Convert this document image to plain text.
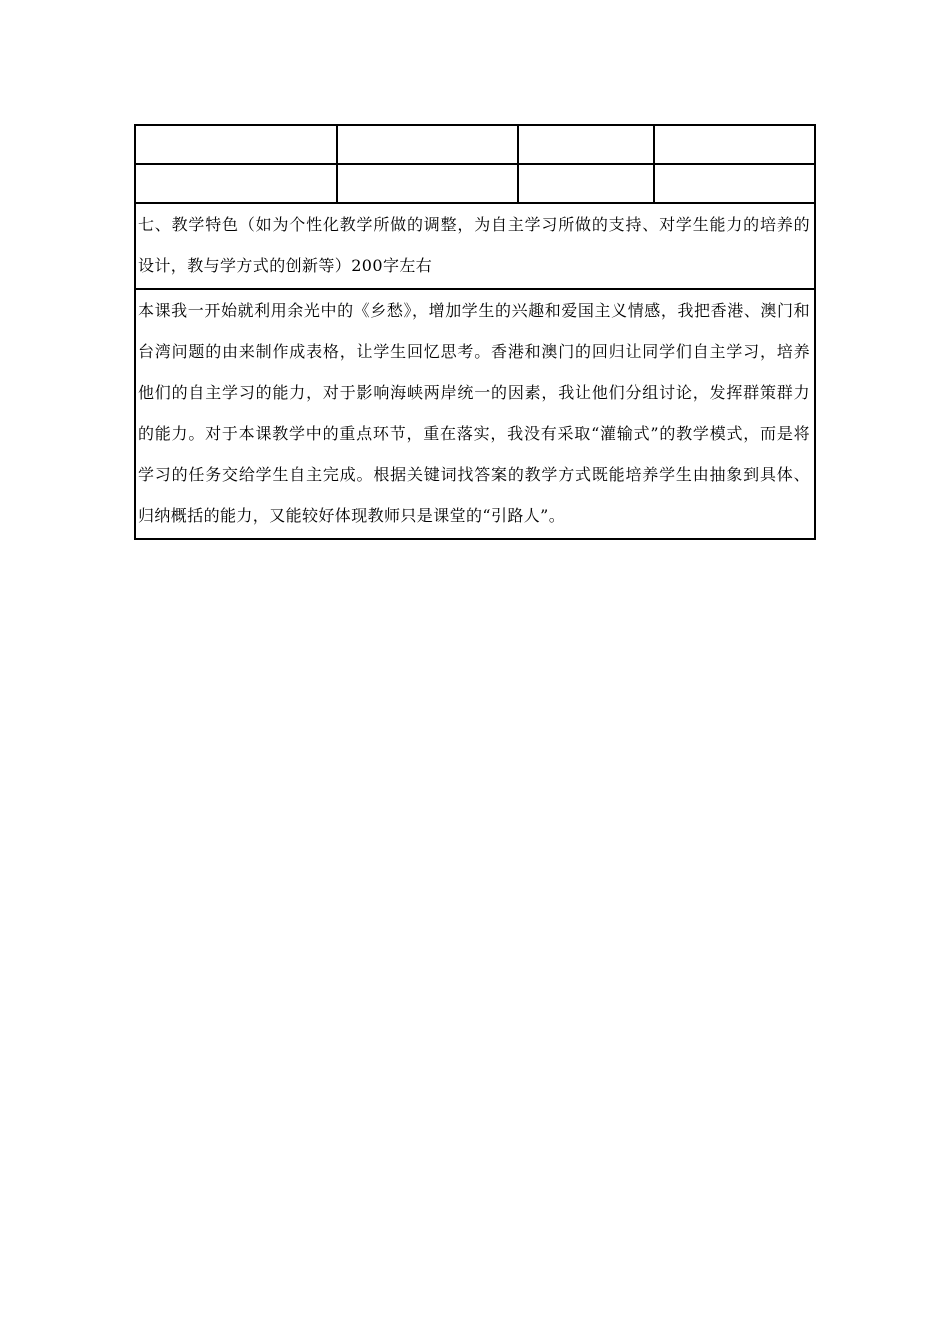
七、教学特色（如为个性化教学所做的调整，为自主学习所做的支持、对学生能力的培养的设计，教与学方式的创新等）200字左右			

本课我一开始就利用余光中的《乡愁》，增加学生的兴趣和爱国主义情感，我把香港、澳门和台湾问题的由来制作成表格，让学生回忆思考。香港和澳门的回归让同学们自主学习，培养他们的自主学习的能力，对于影响海峡两岸统一的因素，我让他们分组讨论，发挥群策群力的能力。对于本课教学中的重点环节，重在落实，我没有采取“灌输式”的教学模式，而是将学习的任务交给学生自主完成。根据关键词找答案的教学方式既能培养学生由抽象到具体、归纳概括的能力，又能较好体现教师只是课堂的“引路人”。			
